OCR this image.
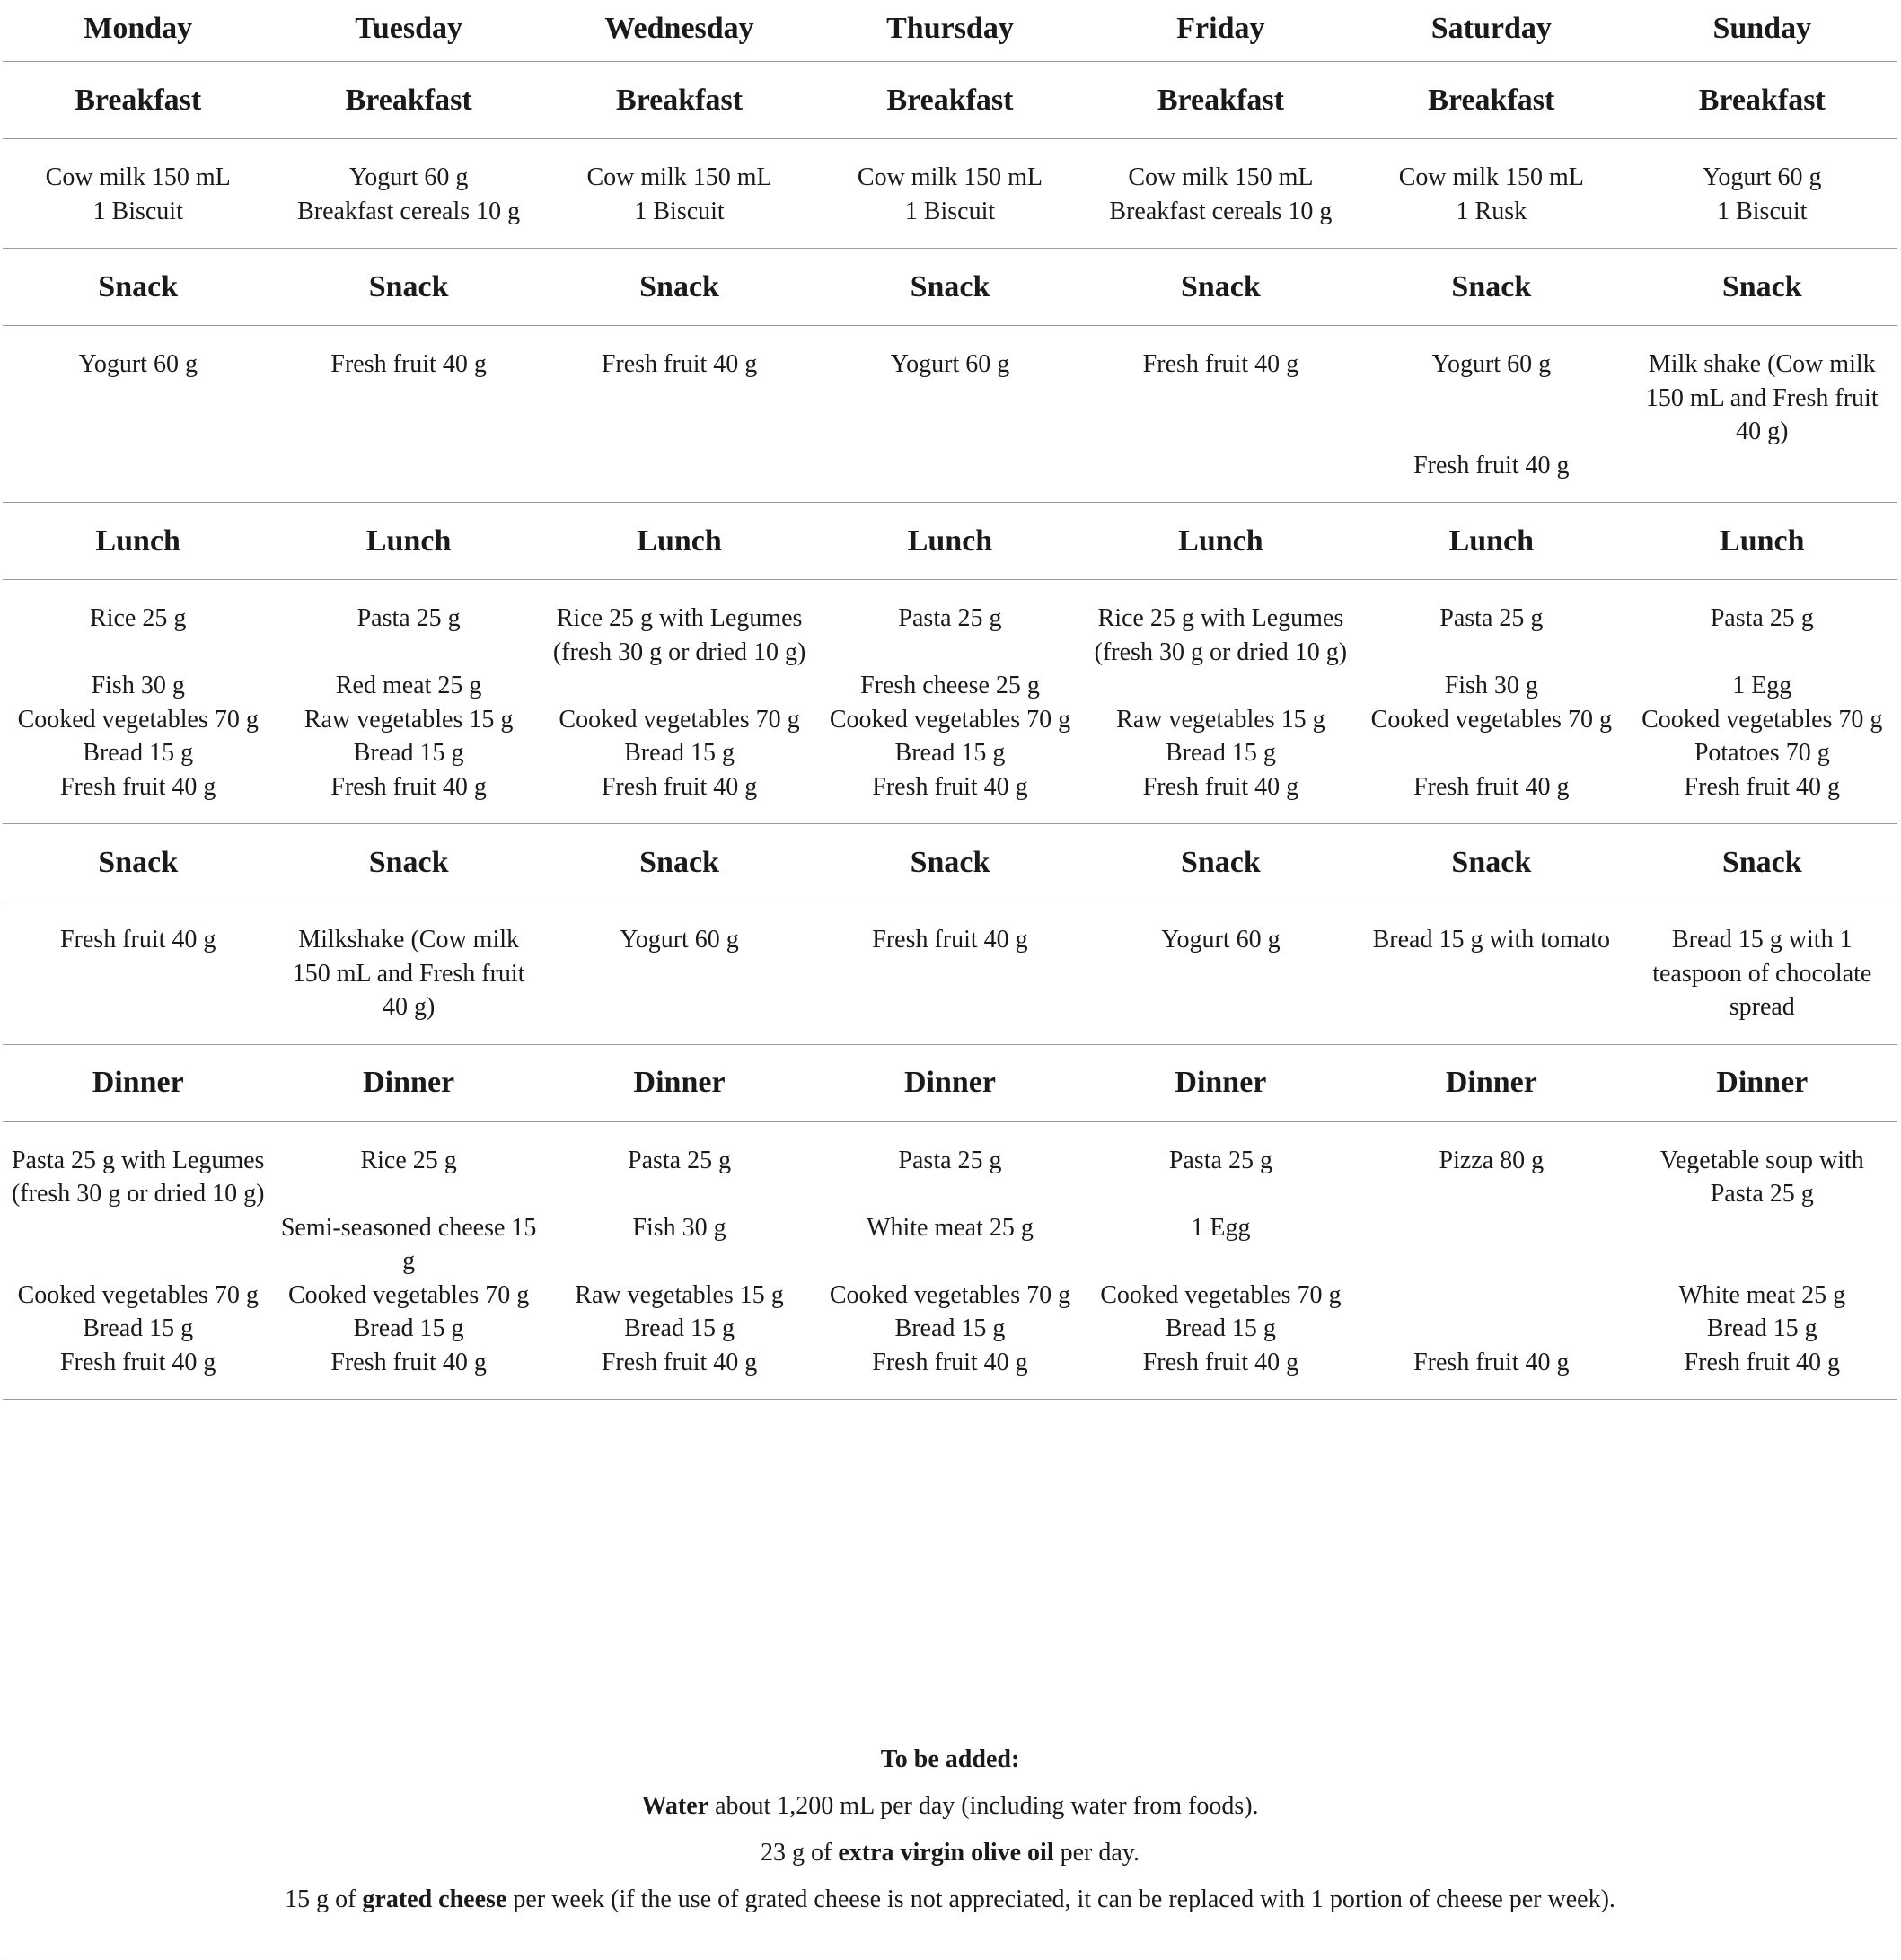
Monday	Tuesday	Wednesday	Thursday	Friday	Saturday	Sunday
Breakfast	Breakfast	Breakfast	Breakfast	Breakfast	Breakfast	Breakfast
Cow milk 150 mL	Yogurt 60 g	Cow milk 150 mL	Cow milk 150 mL	Cow milk 150 mL	Cow milk 150 mL	Yogurt 60 g
1 Biscuit	Breakfast cereals 10 g	1 Biscuit	1 Biscuit	Breakfast cereals 10 g	1 Rusk	1 Biscuit
Snack	Snack	Snack	Snack	Snack	Snack	Snack
Yogurt 60 g	Fresh fruit 40 g	Fresh fruit 40 g	Yogurt 60 g	Fresh fruit 40 g	Yogurt 60 g	Milk shake (Cow milk 150 mL and Fresh fruit 40 g)
					Fresh fruit 40 g	
Lunch	Lunch	Lunch	Lunch	Lunch	Lunch	Lunch
Rice 25 g	Pasta 25 g	Rice 25 g with Legumes (fresh 30 g or dried 10 g)	Pasta 25 g	Rice 25 g with Legumes (fresh 30 g or dried 10 g)	Pasta 25 g	Pasta 25 g
Fish 30 g	Red meat 25 g		Fresh cheese 25 g		Fish 30 g	1 Egg
Cooked vegetables 70 g	Raw vegetables 15 g	Cooked vegetables 70 g	Cooked vegetables 70 g	Raw vegetables 15 g	Cooked vegetables 70 g	Cooked vegetables 70 g
Bread 15 g	Bread 15 g	Bread 15 g	Bread 15 g	Bread 15 g		Potatoes 70 g
Fresh fruit 40 g	Fresh fruit 40 g	Fresh fruit 40 g	Fresh fruit 40 g	Fresh fruit 40 g	Fresh fruit 40 g	Fresh fruit 40 g
Snack	Snack	Snack	Snack	Snack	Snack	Snack
Fresh fruit 40 g	Milkshake (Cow milk 150 mL and Fresh fruit 40 g)	Yogurt 60 g	Fresh fruit 40 g	Yogurt 60 g	Bread 15 g with tomato	Bread 15 g with 1 teaspoon of chocolate spread
Dinner	Dinner	Dinner	Dinner	Dinner	Dinner	Dinner
Pasta 25 g with Legumes (fresh 30 g or dried 10 g)	Rice 25 g	Pasta 25 g	Pasta 25 g	Pasta 25 g	Pizza 80 g	Vegetable soup with Pasta 25 g
	Semi-seasoned cheese 15 g	Fish 30 g	White meat 25 g	1 Egg		
Cooked vegetables 70 g	Cooked vegetables 70 g	Raw vegetables 15 g	Cooked vegetables 70 g	Cooked vegetables 70 g		White meat 25 g
Bread 15 g	Bread 15 g	Bread 15 g	Bread 15 g	Bread 15 g		Bread 15 g
Fresh fruit 40 g	Fresh fruit 40 g	Fresh fruit 40 g	Fresh fruit 40 g	Fresh fruit 40 g	Fresh fruit 40 g	Fresh fruit 40 g
To be added:
Water about 1,200 mL per day (including water from foods).
23 g of extra virgin olive oil per day.
15 g of grated cheese per week (if the use of grated cheese is not appreciated, it can be replaced with 1 portion of cheese per week).
